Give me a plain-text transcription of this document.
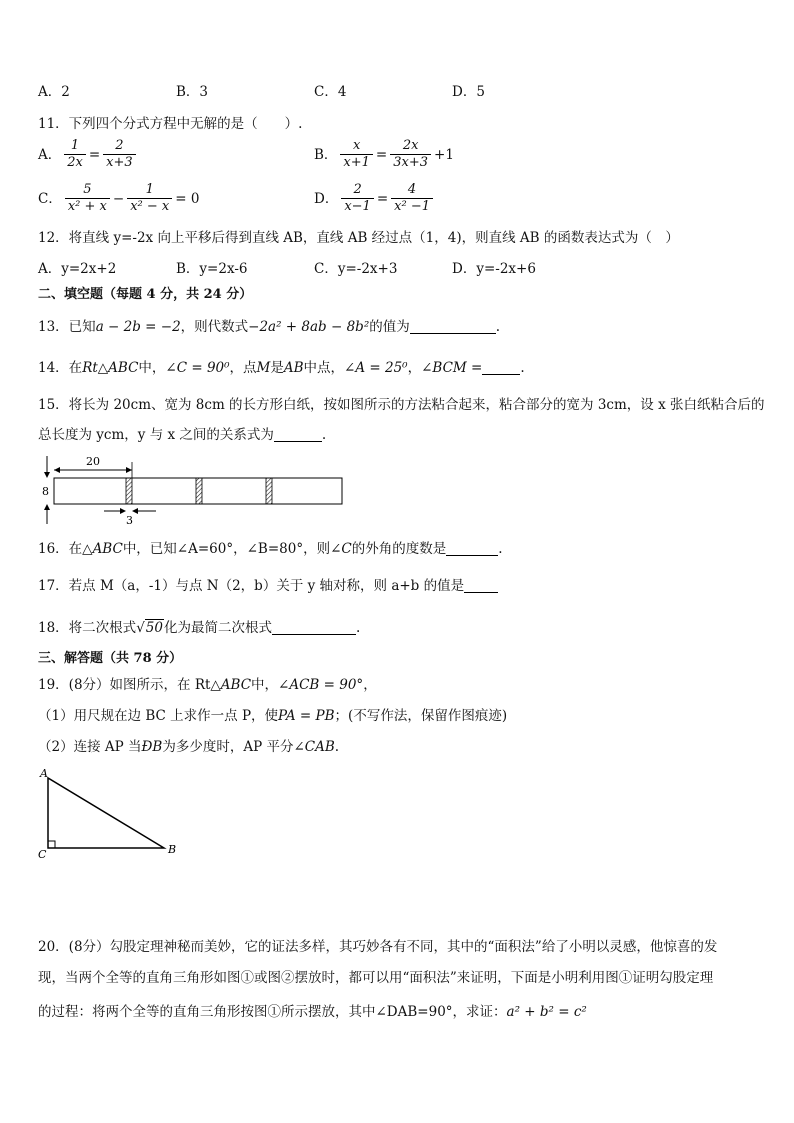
A．2	B．3	C．4	D．5
11．下列四个分式方程中无解的是（　　）.
A． $\frac{1}{2x} = \frac{2}{x+3}$	B． $\frac{x}{x+1} = \frac{2x}{3x+3} +1$
C． $\frac{5}{\text{x² + x}} - \frac{1}{\text{x² − x}} = 0$	D． $\frac{2}{x-1} = \frac{4}{\text{x² −1}}$
12．将直线 y=-2x 向上平移后得到直线 AB，直线 AB 经过点（1，4)，则直线 AB 的函数表达式为（　）
A．y=2x+2	B．y=2x-6	C．y=-2x+3	D．y=-2x+6
二、填空题（每题 4 分，共 24 分）
13．已知a − 2b = −2，则代数式−2a² + 8ab − 8b²的值为	.
14．在Rt△ABC中，∠C = 90⁰，点M是AB中点，∠A = 25⁰，∠BCM =	.
15．将长为 20cm、宽为 8cm 的长方形白纸，按如图所示的方法粘合起来，粘合部分的宽为 3cm，设 x 张白纸粘合后的
总长度为 ycm，y 与 x 之间的关系式为	.
20
8
3
16．在△ABC中，已知∠A=60°，∠B=80°，则∠C的外角的度数是	.
17．若点 M（a，-1）与点 N（2，b）关于 y 轴对称，则 a+b 的值是
18．将二次根式√50化为最简二次根式	.
三、解答题（共 78 分）
19．(8分）如图所示，在 Rt△ABC中，∠ACB = 90°，
（1）用尺规在边 BC 上求作一点 P，使PA = PB；(不写作法，保留作图痕迹)
（2）连接 AP 当ÐB为多少度时，AP 平分∠CAB.
A
C	B
20．(8分）勾股定理神秘而美妙，它的证法多样，其巧妙各有不同，其中的“面积法”给了小明以灵感，他惊喜的发
现，当两个全等的直角三角形如图①或图②摆放时，都可以用“面积法”来证明，下面是小明利用图①证明勾股定理
的过程：将两个全等的直角三角形按图①所示摆放，其中∠DAB=90°，求证：a² + b² = c²
